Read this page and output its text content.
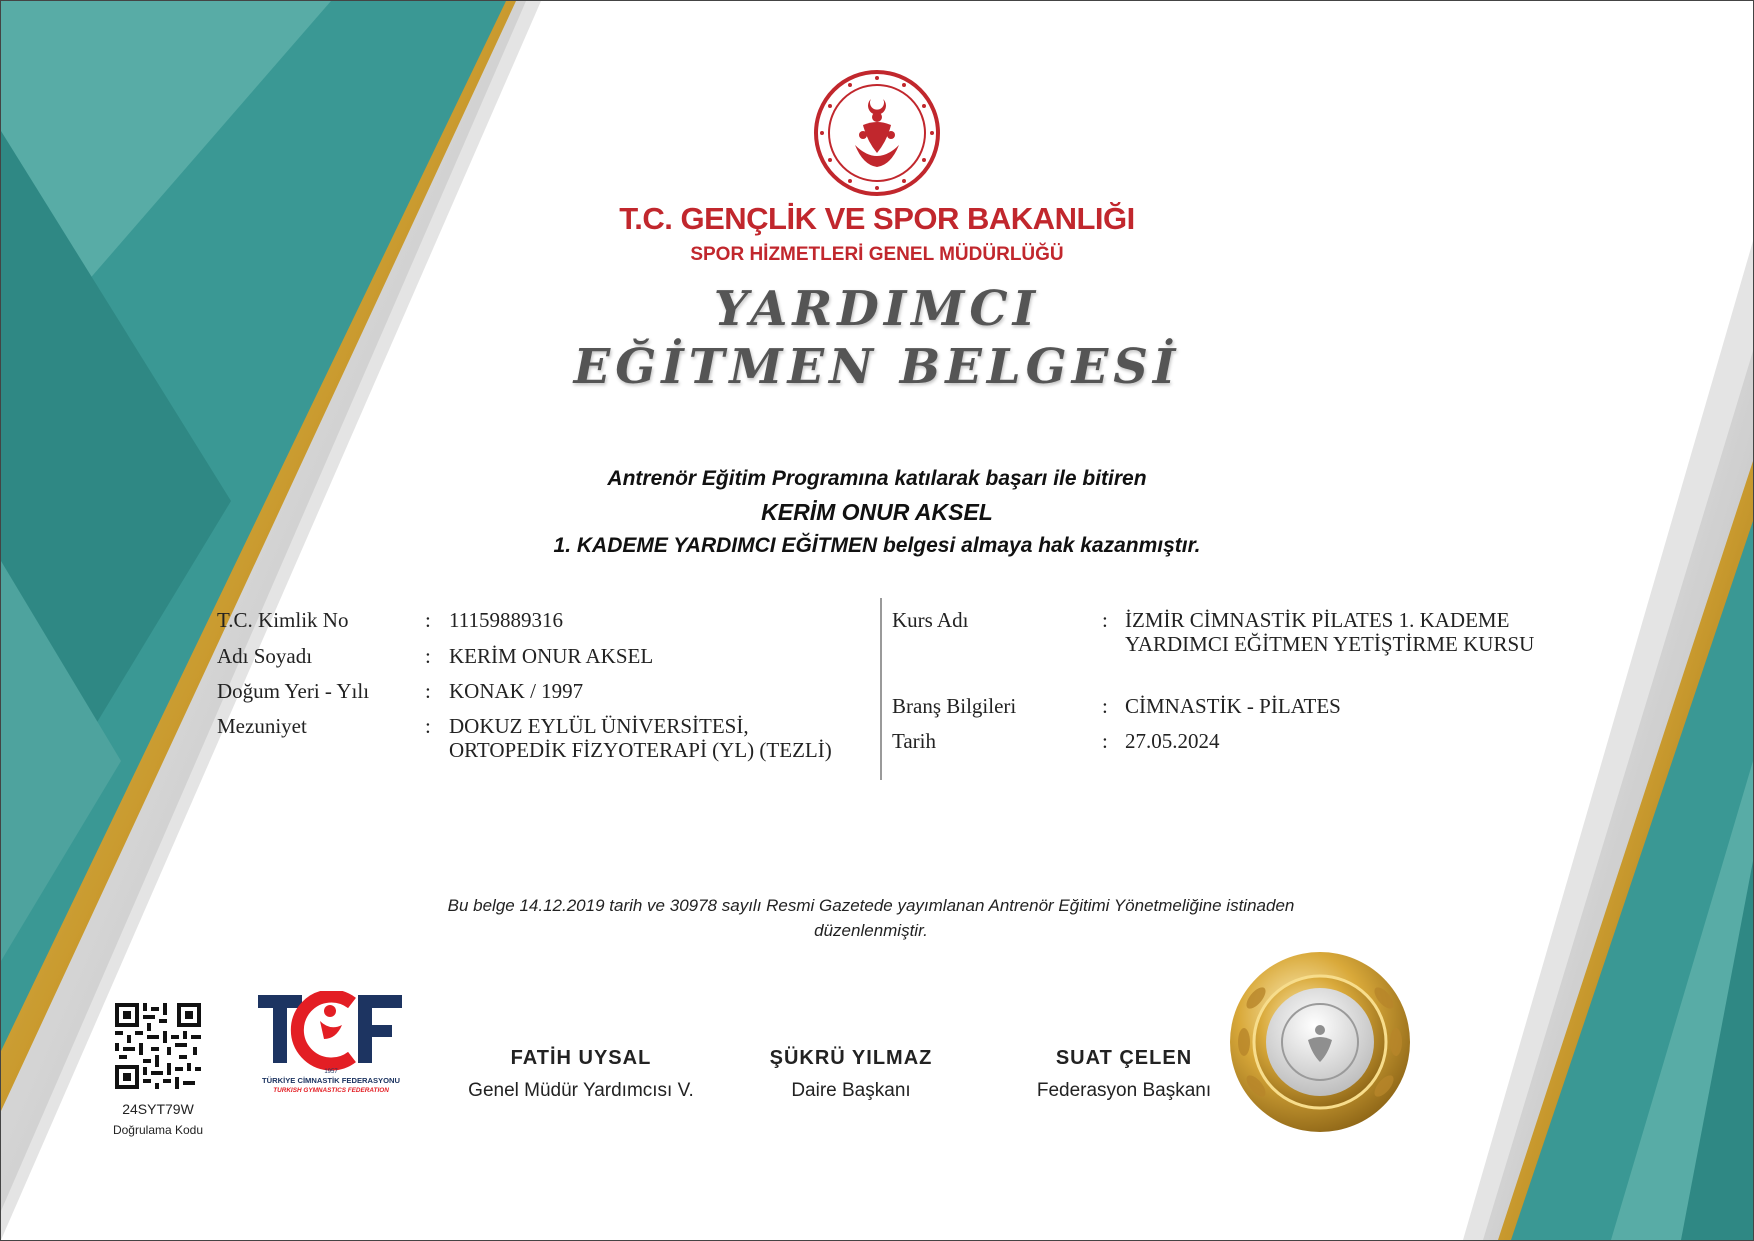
T.C. GENÇLİK VE SPOR BAKANLIĞI
SPOR HİZMETLERİ GENEL MÜDÜRLÜĞÜ
YARDIMCI
EĞİTMEN BELGESİ
Antrenör Eğitim Programına katılarak başarı ile bitiren
KERİM ONUR AKSEL
1. KADEME YARDIMCI EĞİTMEN belgesi almaya hak kazanmıştır.
T.C. Kimlik No	: 11159889316
Adı Soyadı	: KERİM ONUR AKSEL
Doğum Yeri - Yılı	: KONAK / 1997
Mezuniyet	: DOKUZ EYLÜL ÜNİVERSİTESİ, ORTOPEDİK FİZYOTERAPİ (YL) (TEZLİ)
Kurs Adı	: İZMİR CİMNASTİK PİLATES 1. KADEME YARDIMCI EĞİTMEN YETİŞTİRME KURSU
Branş Bilgileri	: CİMNASTİK - PİLATES
Tarih	: 27.05.2024
Bu belge 14.12.2019 tarih ve 30978 sayılı Resmi Gazetede yayımlanan Antrenör Eğitimi Yönetmeliğine istinaden düzenlenmiştir.
24SYT79W
Doğrulama Kodu
1957
TÜRKİYE CİMNASTİK FEDERASYONU
TURKISH GYMNASTICS FEDERATION
FATİH UYSAL
Genel Müdür Yardımcısı V.
ŞÜKRÜ YILMAZ
Daire Başkanı
SUAT ÇELEN
Federasyon Başkanı
